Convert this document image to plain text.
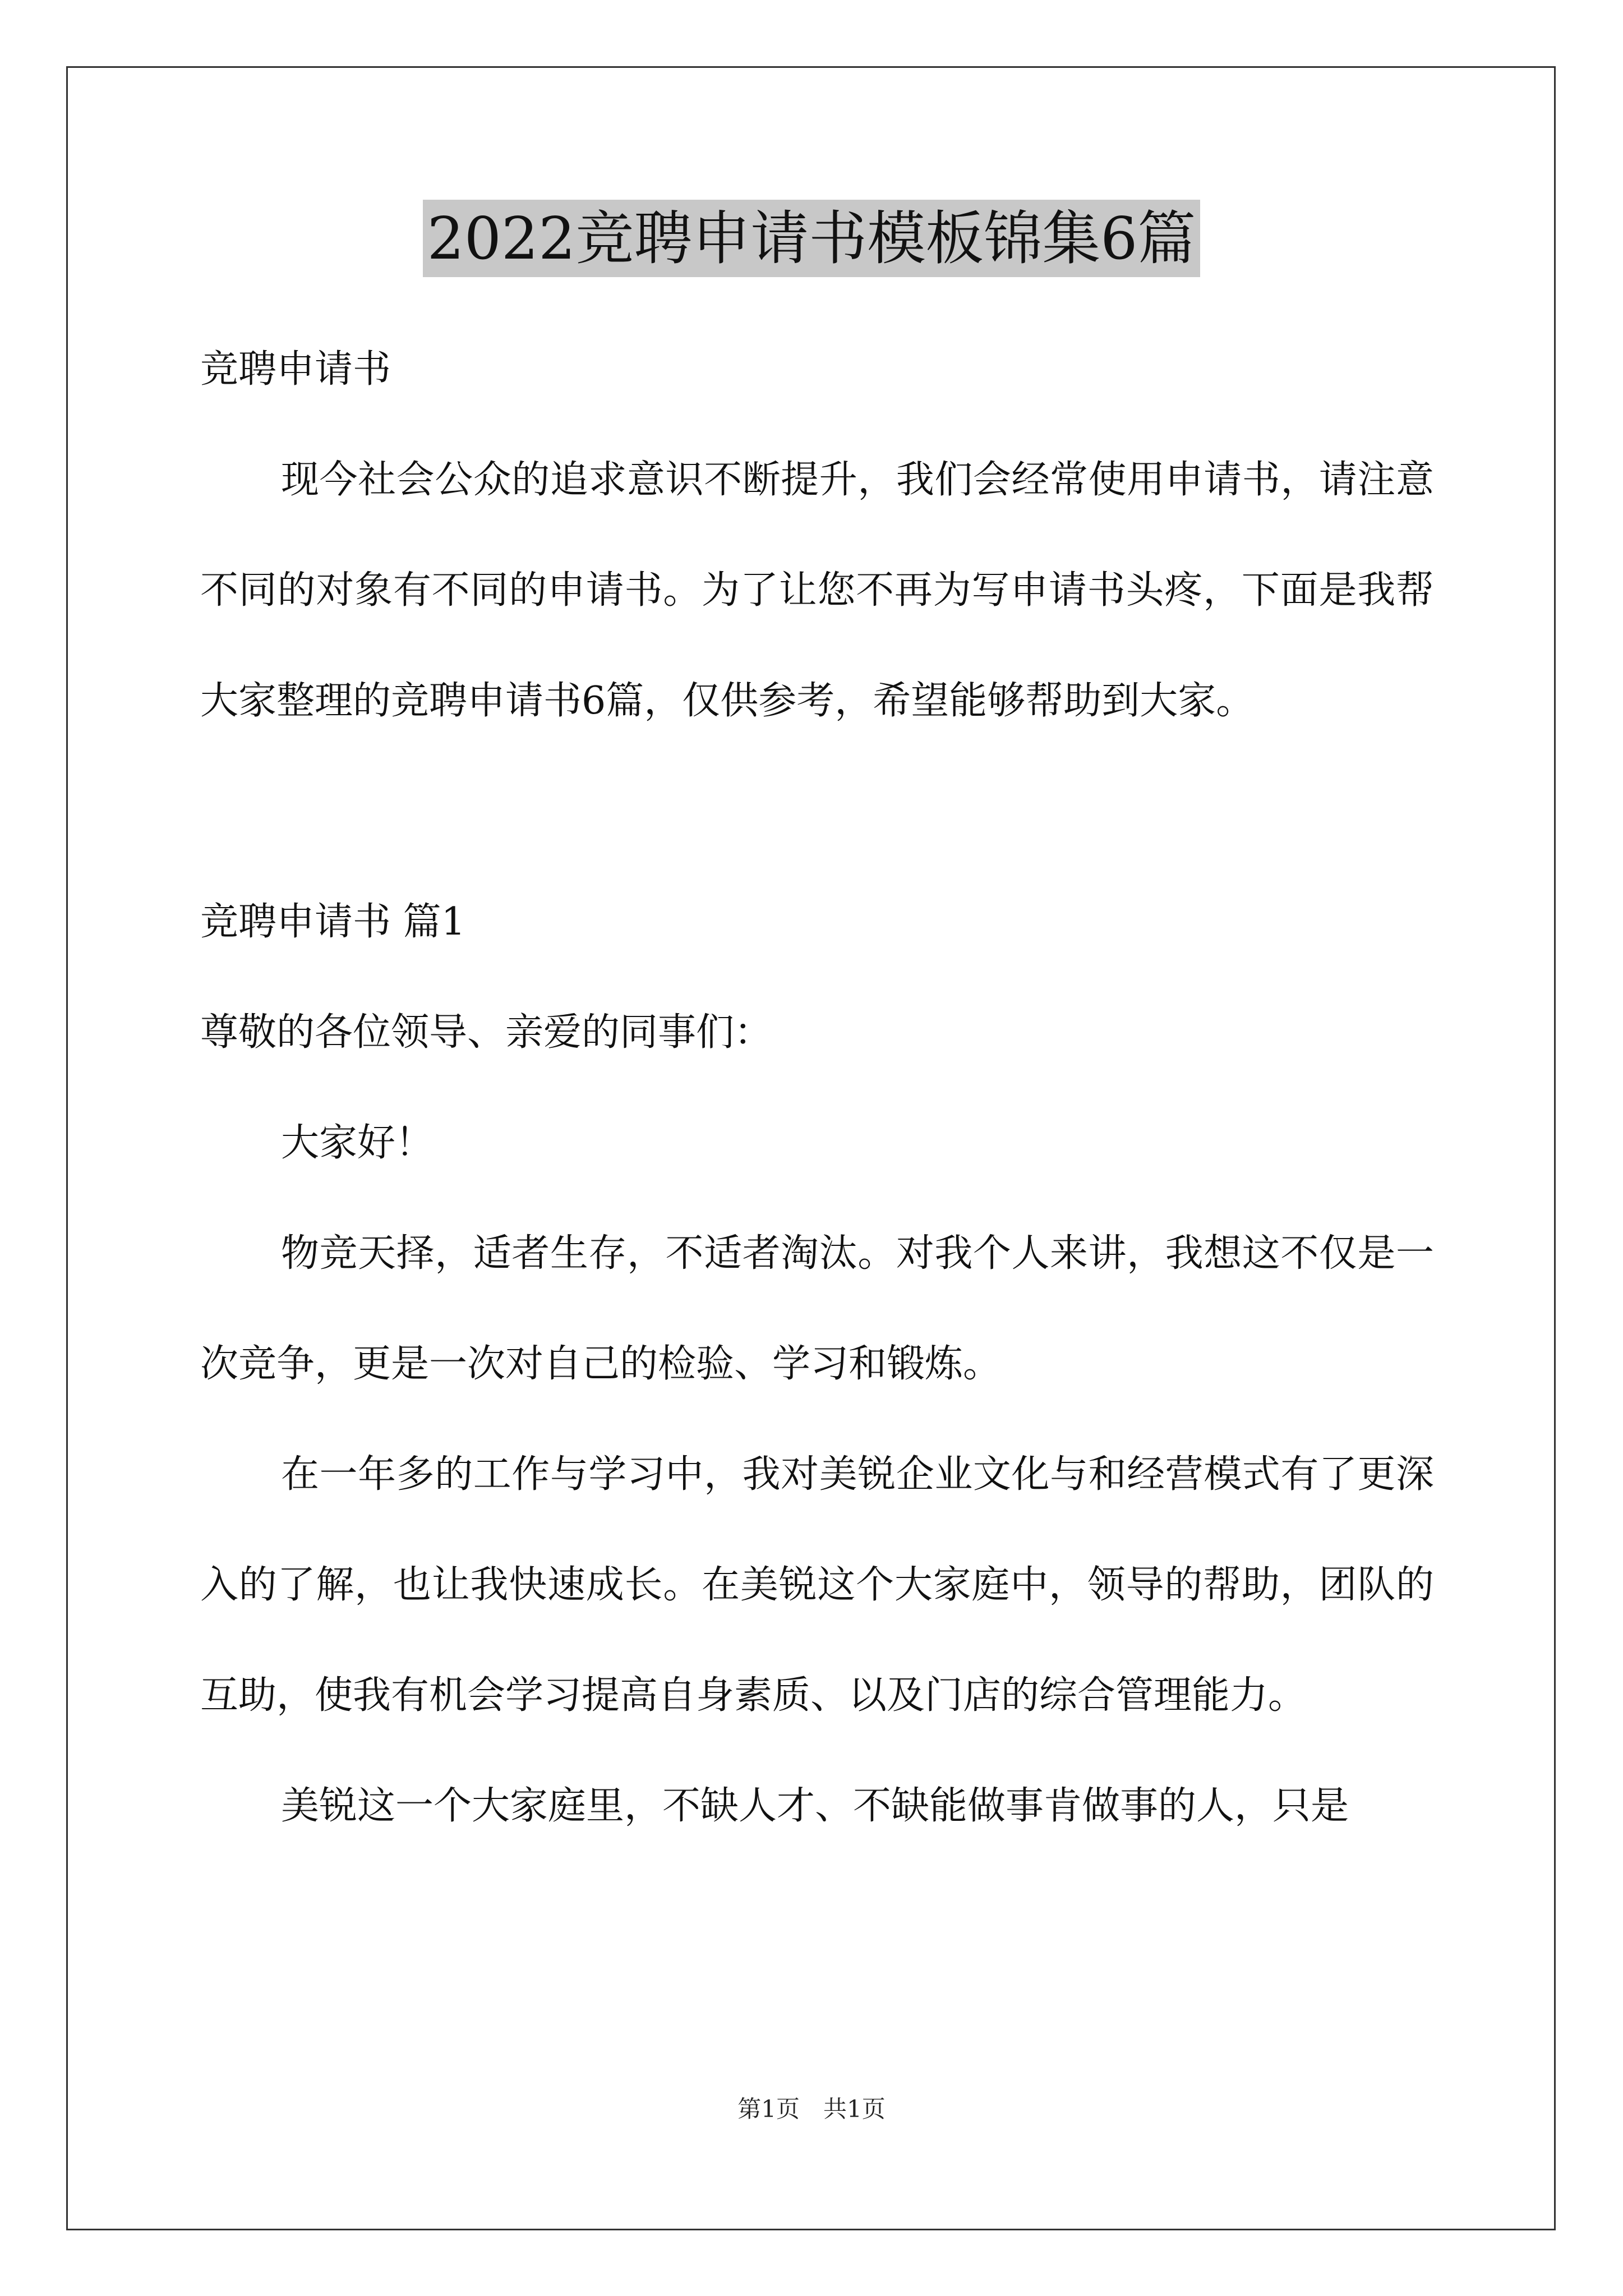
2022竞聘申请书模板锦集6篇

竞聘申请书

现今社会公众的追求意识不断提升，我们会经常使用申请书，请注意不同的对象有不同的申请书。为了让您不再为写申请书头疼，下面是我帮大家整理的竞聘申请书6篇，仅供参考，希望能够帮助到大家。

竞聘申请书 篇1

尊敬的各位领导、亲爱的同事们：

大家好！

物竞天择，适者生存，不适者淘汰。对我个人来讲，我想这不仅是一次竞争，更是一次对自己的检验、学习和锻炼。

在一年多的工作与学习中，我对美锐企业文化与和经营模式有了更深入的了解，也让我快速成长。在美锐这个大家庭中，领导的帮助，团队的互助，使我有机会学习提高自身素质、以及门店的综合管理能力。

美锐这一个大家庭里，不缺人才、不缺能做事肯做事的人，只是

第1页　共1页
